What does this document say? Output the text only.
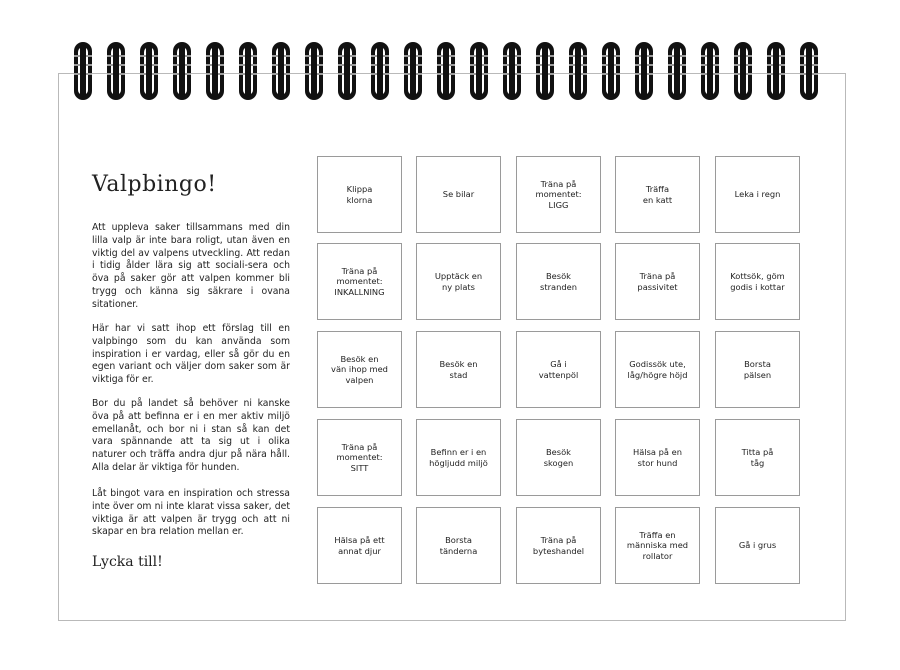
Valpbingo!

Att uppleva saker tillsammans med din lilla valp är inte bara roligt, utan även en viktig del av valpens utveckling. Att redan i tidig ålder lära sig att sociali-sera och öva på saker gör att valpen kommer bli trygg och känna sig säkrare i ovana sitationer.

Här har vi satt ihop ett förslag till en valpbingo som du kan använda som inspiration i er vardag, eller så gör du en egen variant och väljer dom saker som är viktiga för er.

Bor du på landet så behöver ni kanske öva på att befinna er i en mer aktiv miljö emellanåt, och bor ni i stan så kan det vara spännande att ta sig ut i olika naturer och träffa andra djur på nära håll. Alla delar är viktiga för hunden.

Låt bingot vara en inspiration och stressa inte över om ni inte klarat vissa saker, det viktiga är att valpen är trygg och att ni skapar en bra relation mellan er.

Lycka till!
Klippa
klorna
Se bilar
Träna på
momentet:
LIGG
Träffa
en katt
Leka i regn
Träna på
momentet:
INKALLNING
Upptäck en
ny plats
Besök
stranden
Träna på
passivitet
Kottsök, göm
godis i kottar
Besök en
vän ihop med
valpen
Besök en
stad
Gå i
vattenpöl
Godissök ute,
låg/högre höjd
Borsta
pälsen
Träna på
momentet:
SITT
Befinn er i en
högljudd miljö
Besök
skogen
Hälsa på en
stor hund
Titta på
tåg
Hälsa på ett
annat djur
Borsta
tänderna
Träna på
byteshandel
Träffa en
människa med
rollator
Gå i grus
